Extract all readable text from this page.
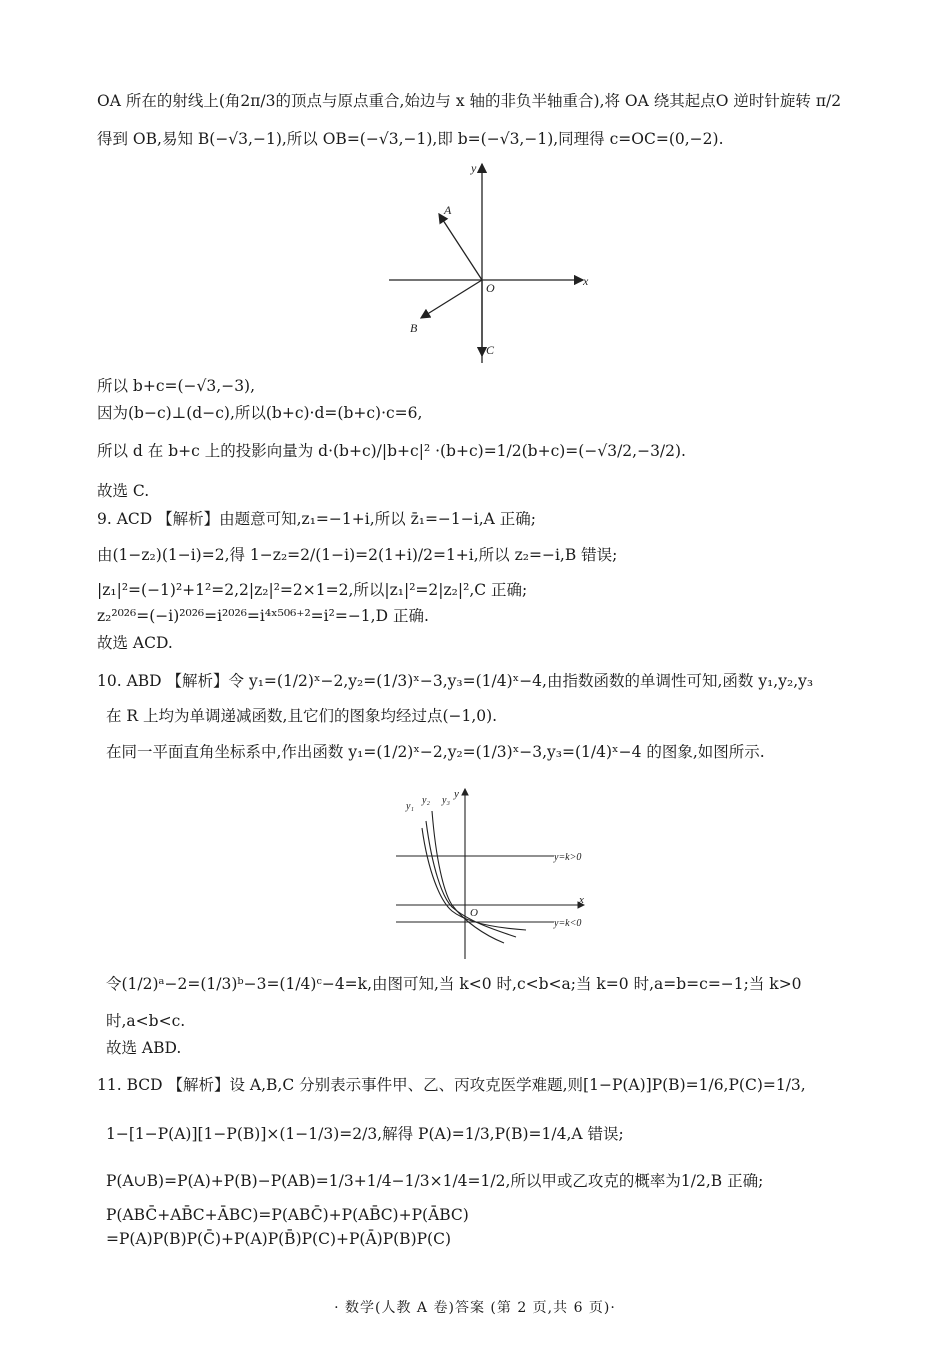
OA 所在的射线上(角2π/3的顶点与原点重合,始边与 x 轴的非负半轴重合),将 OA 绕其起点O 逆时针旋转 π/2
得到 OB,易知 B(−√3,−1),所以 OB=(−√3,−1),即 b=(−√3,−1),同理得 c=OC=(0,−2).
y
x
O
A
B
C
所以 b+c=(−√3,−3),
因为(b−c)⊥(d−c),所以(b+c)·d=(b+c)·c=6,
所以 d 在 b+c 上的投影向量为 d·(b+c)/|b+c|² ·(b+c)=1/2(b+c)=(−√3/2,−3/2).
故选 C.
9. ACD 【解析】由题意可知,z₁=−1+i,所以 z̄₁=−1−i,A 正确;
由(1−z₂)(1−i)=2,得 1−z₂=2/(1−i)=2(1+i)/2=1+i,所以 z₂=−i,B 错误;
|z₁|²=(−1)²+1²=2,2|z₂|²=2×1=2,所以|z₁|²=2|z₂|²,C 正确;
z₂²⁰²⁶=(−i)²⁰²⁶=i²⁰²⁶=i⁴ˣ⁵⁰⁶⁺²=i²=−1,D 正确.
故选 ACD.
10. ABD 【解析】令 y₁=(1/2)ˣ−2,y₂=(1/3)ˣ−3,y₃=(1/4)ˣ−4,由指数函数的单调性可知,函数 y₁,y₂,y₃
在 R 上均为单调递减函数,且它们的图象均经过点(−1,0).
在同一平面直角坐标系中,作出函数 y₁=(1/2)ˣ−2,y₂=(1/3)ˣ−3,y₃=(1/4)ˣ−4 的图象,如图所示.
y
x
O
y₁
y₂ y₃
y=k>0
y=k<0
令(1/2)ᵃ−2=(1/3)ᵇ−3=(1/4)ᶜ−4=k,由图可知,当 k<0 时,c<b<a;当 k=0 时,a=b=c=−1;当 k>0
时,a<b<c.
故选 ABD.
11. BCD 【解析】设 A,B,C 分别表示事件甲、乙、丙攻克医学难题,则[1−P(A)]P(B)=1/6,P(C)=1/3,
1−[1−P(A)][1−P(B)]×(1−1/3)=2/3,解得 P(A)=1/3,P(B)=1/4,A 错误;
P(A∪B)=P(A)+P(B)−P(AB)=1/3+1/4−1/3×1/4=1/2,所以甲或乙攻克的概率为1/2,B 正确;
P(ABC̄+AB̄C+ĀBC)=P(ABC̄)+P(AB̄C)+P(ĀBC)
=P(A)P(B)P(C̄)+P(A)P(B̄)P(C)+P(Ā)P(B)P(C)
· 数学(人教 A 卷)答案 (第 2 页,共 6 页)·
